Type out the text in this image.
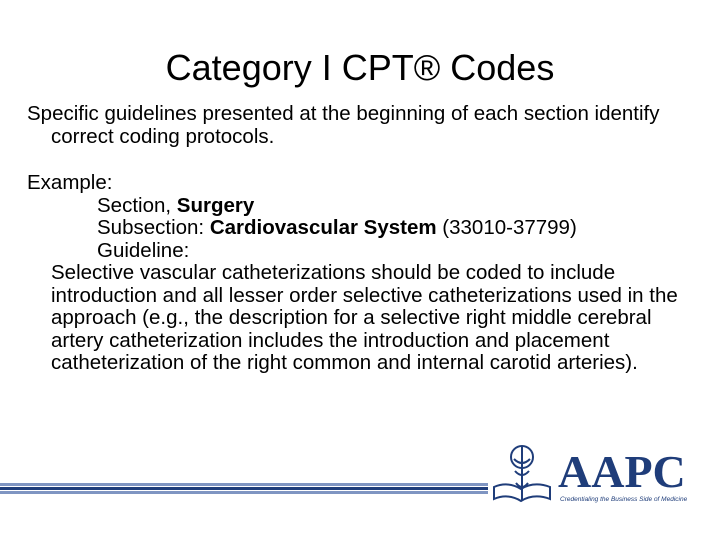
Category I CPT® Codes

Specific guidelines presented at the beginning of each section identify correct coding protocols.

Example:

Section, Surgery

Subsection: Cardiovascular System (33010-37799)

Guideline:

Selective vascular catheterizations should be coded to include introduction and all lesser order selective catheterizations used in the approach (e.g., the description for a selective right middle cerebral artery catheterization includes the introduction and placement catheterization of the right common and internal carotid arteries).

AAPC
Credentialing the Business Side of Medicine
